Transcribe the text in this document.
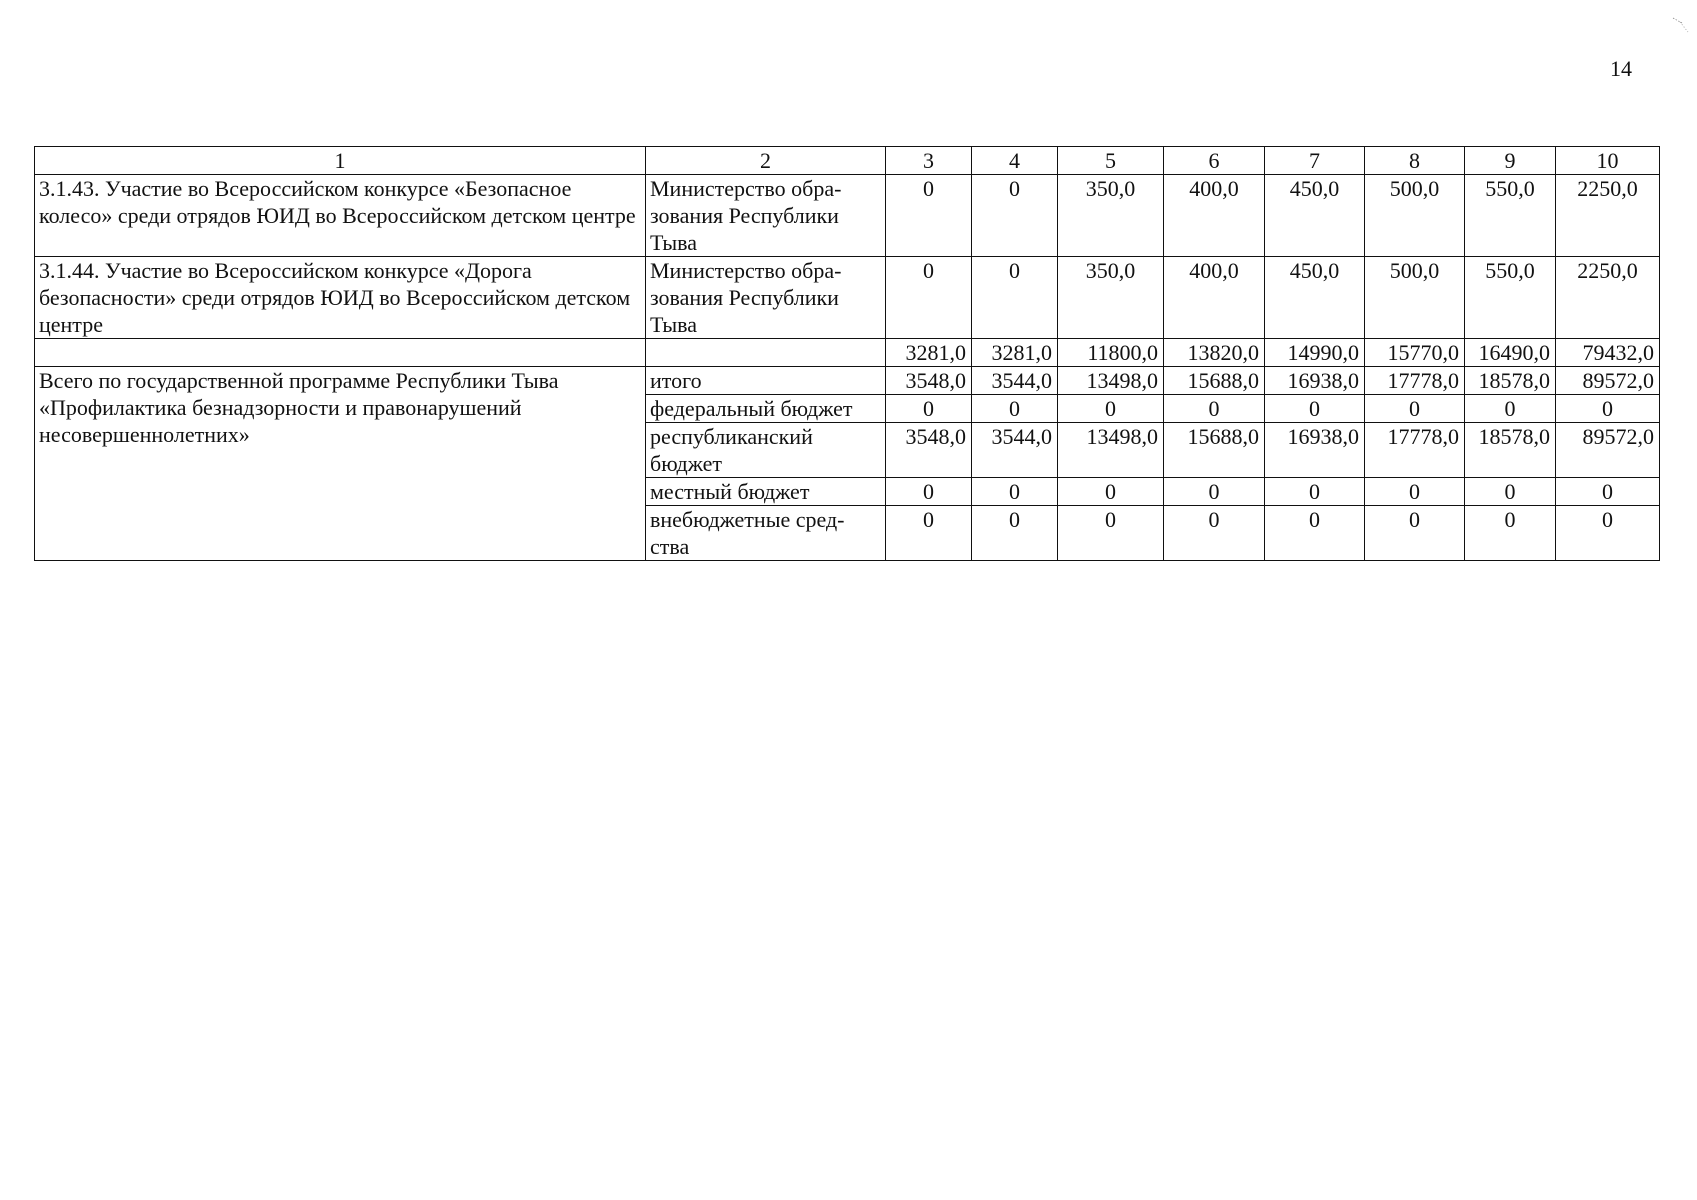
14
1	2	3	4	5	6	7	8	9	10
3.1.43. Участие во Всероссийском конкурсе «Безопасное колесо» среди отрядов ЮИД во Всероссийском детском центре	Министерство обра-зования Республики Тыва	0	0	350,0	400,0	450,0	500,0	550,0	2250,0
3.1.44. Участие во Всероссийском конкурсе «Дорога безопасности» среди отрядов ЮИД во Всероссийском детском центре	Министерство обра-зования Республики Тыва	0	0	350,0	400,0	450,0	500,0	550,0	2250,0
		3281,0	3281,0	11800,0	13820,0	14990,0	15770,0	16490,0	79432,0
Всего по государственной программе Республики Тыва «Профилактика безнадзорности и правонарушений несовершеннолетних»	итого	3548,0	3544,0	13498,0	15688,0	16938,0	17778,0	18578,0	89572,0
	федеральный бюджет	0	0	0	0	0	0	0	0
	республиканский бюджет	3548,0	3544,0	13498,0	15688,0	16938,0	17778,0	18578,0	89572,0
	местный бюджет	0	0	0	0	0	0	0	0
	внебюджетные сред-ства	0	0	0	0	0	0	0	0
